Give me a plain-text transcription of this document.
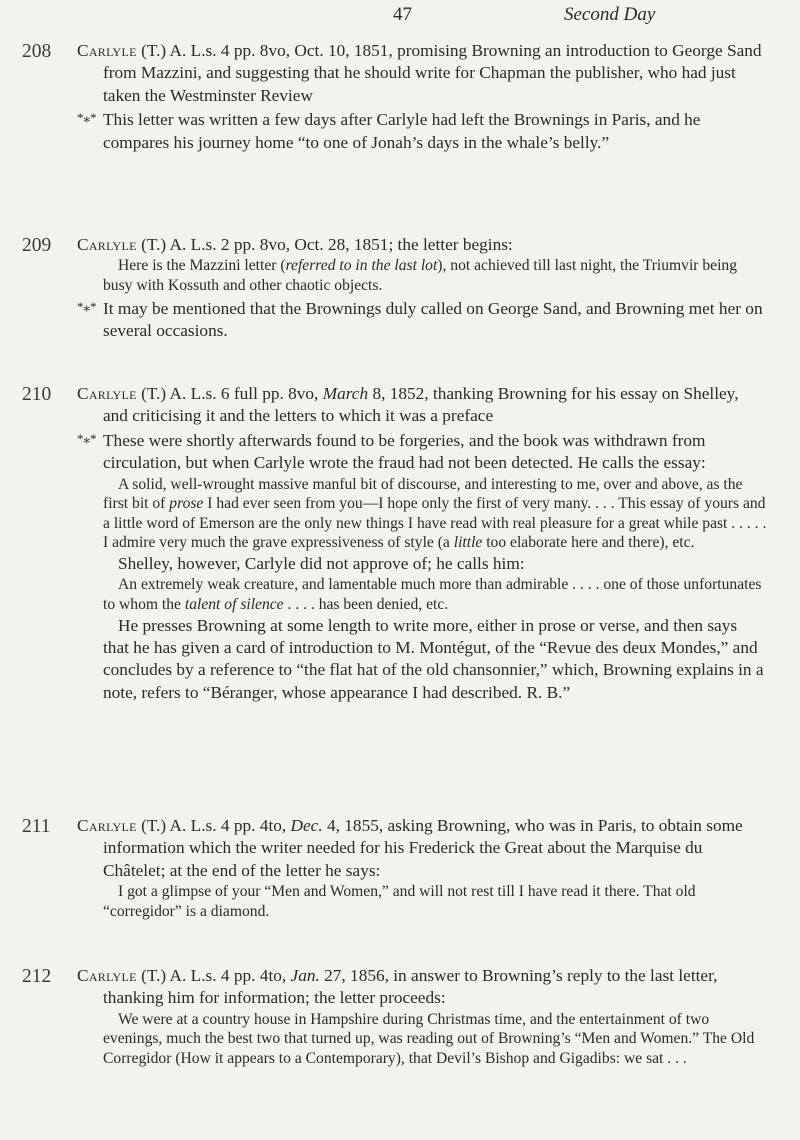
47	Second Day
208 Carlyle (T.) A. L.s. 4 pp. 8vo, Oct. 10, 1851, promising Browning an introduction to George Sand from Mazzini, and suggesting that he should write for Chapman the publisher, who had just taken the Westminster Review

*⁎* This letter was written a few days after Carlyle had left the Brownings in Paris, and he compares his journey home “to one of Jonah’s days in the whale’s belly.”

209 Carlyle (T.) A. L.s. 2 pp. 8vo, Oct. 28, 1851; the letter begins:

Here is the Mazzini letter (referred to in the last lot), not achieved till last night, the Triumvir being busy with Kossuth and other chaotic objects.

*⁎* It may be mentioned that the Brownings duly called on George Sand, and Browning met her on several occasions.

210 Carlyle (T.) A. L.s. 6 full pp. 8vo, March 8, 1852, thanking Browning for his essay on Shelley, and criticising it and the letters to which it was a preface

*⁎* These were shortly afterwards found to be forgeries, and the book was withdrawn from circulation, but when Carlyle wrote the fraud had not been detected. He calls the essay:

A solid, well-wrought massive manful bit of discourse, and interesting to me, over and above, as the first bit of prose I had ever seen from you—I hope only the first of very many. . . . This essay of yours and a little word of Emerson are the only new things I have read with real pleasure for a great while past . . . . . I admire very much the grave expressiveness of style (a little too elaborate here and there), etc.

Shelley, however, Carlyle did not approve of; he calls him:

An extremely weak creature, and lamentable much more than admirable . . . . one of those unfortunates to whom the talent of silence . . . . has been denied, etc.

He presses Browning at some length to write more, either in prose or verse, and then says that he has given a card of introduction to M. Montégut, of the “Revue des deux Mondes,” and concludes by a reference to “the flat hat of the old chansonnier,” which, Browning explains in a note, refers to “Béranger, whose appearance I had described. R. B.”

211 Carlyle (T.) A. L.s. 4 pp. 4to, Dec. 4, 1855, asking Browning, who was in Paris, to obtain some information which the writer needed for his Frederick the Great about the Marquise du Châtelet; at the end of the letter he says:

I got a glimpse of your “Men and Women,” and will not rest till I have read it there. That old “corregidor” is a diamond.

212 Carlyle (T.) A. L.s. 4 pp. 4to, Jan. 27, 1856, in answer to Browning’s reply to the last letter, thanking him for information; the letter proceeds:

We were at a country house in Hampshire during Christmas time, and the entertainment of two evenings, much the best two that turned up, was reading out of Browning’s “Men and Women.” The Old Corregidor (How it appears to a Contemporary), that Devil’s Bishop and Gigadibs: we sat . . .
